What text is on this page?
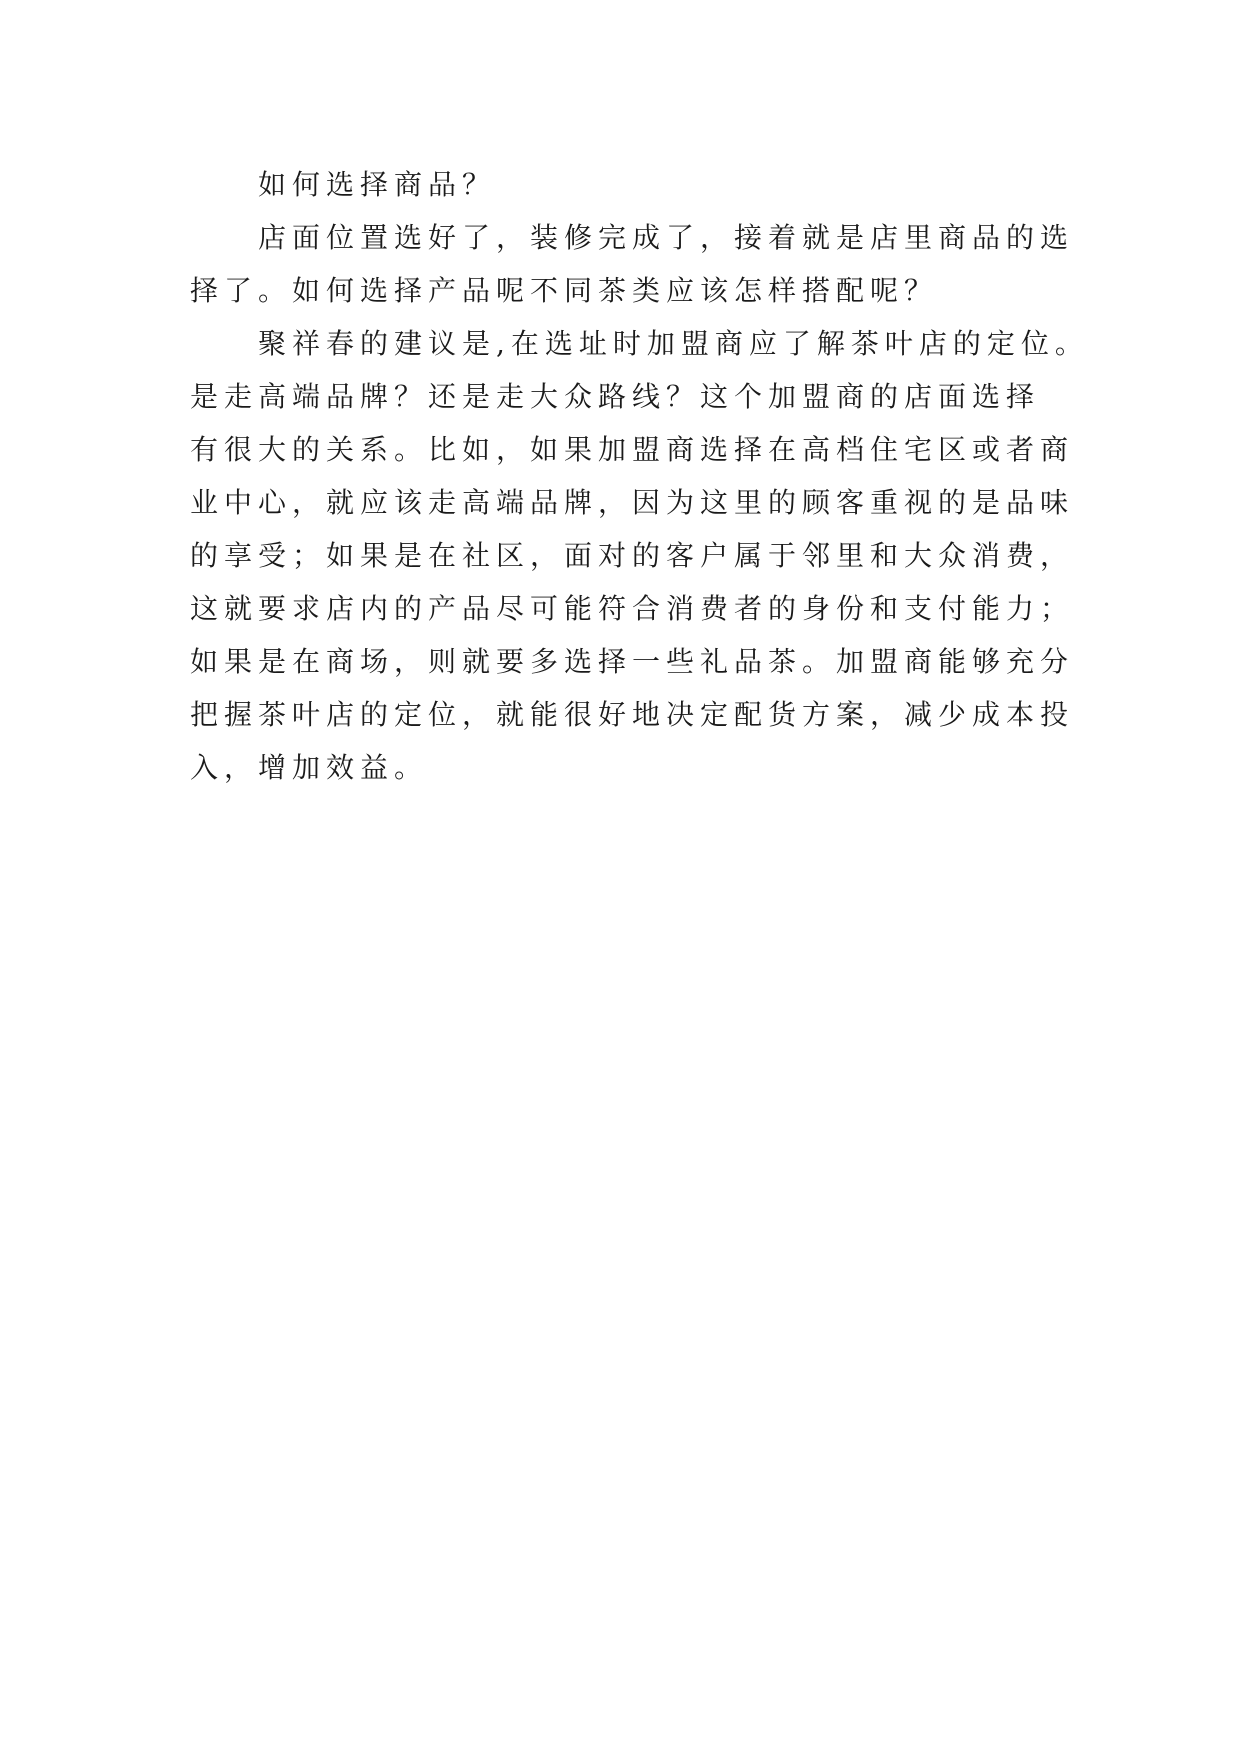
如何选择商品？

店面位置选好了，装修完成了，接着就是店里商品的选
择了。如何选择产品呢不同茶类应该怎样搭配呢？

聚祥春的建议是,在选址时加盟商应了解茶叶店的定位。
是走高端品牌？还是走大众路线？这个加盟商的店面选择
有很大的关系。比如，如果加盟商选择在高档住宅区或者商
业中心，就应该走高端品牌，因为这里的顾客重视的是品味
的享受；如果是在社区，面对的客户属于邻里和大众消费，
这就要求店内的产品尽可能符合消费者的身份和支付能力；
如果是在商场，则就要多选择一些礼品茶。加盟商能够充分
把握茶叶店的定位，就能很好地决定配货方案，减少成本投
入，增加效益。
